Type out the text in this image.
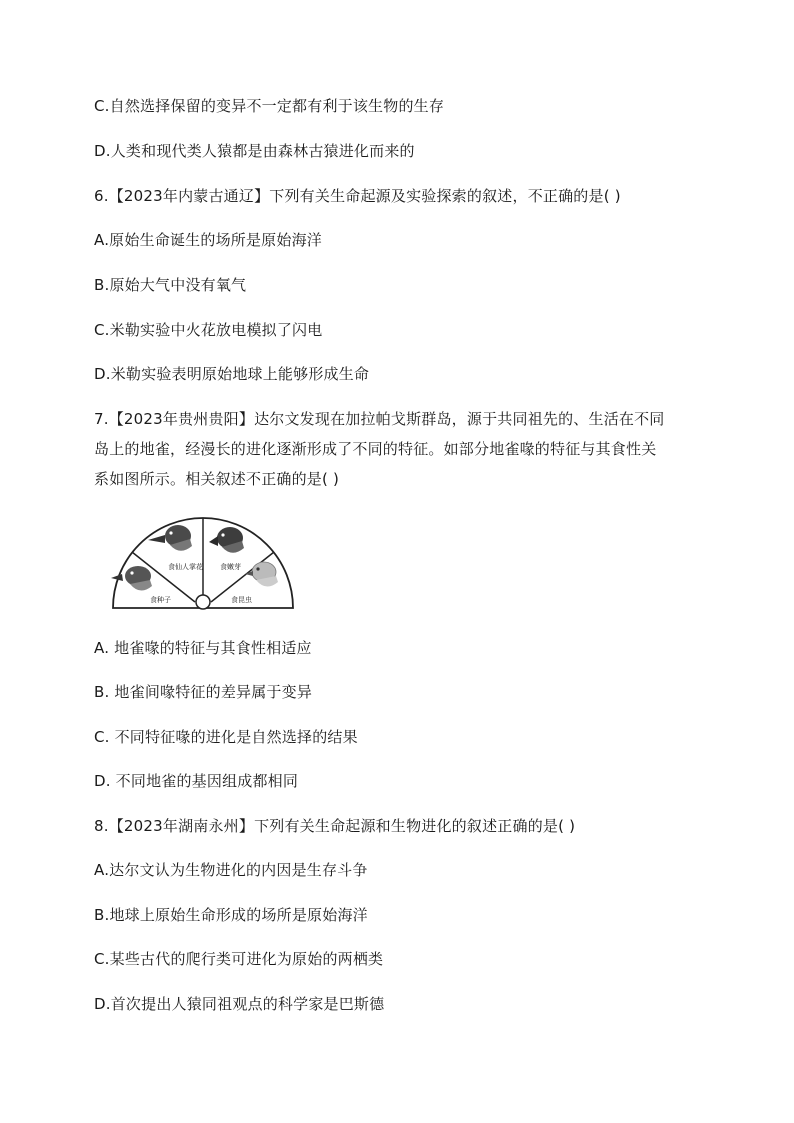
C.自然选择保留的变异不一定都有利于该生物的生存
D.人类和现代类人猿都是由森林古猿进化而来的
6.【2023年内蒙古通辽】下列有关生命起源及实验探索的叙述，不正确的是( )
A.原始生命诞生的场所是原始海洋
B.原始大气中没有氧气
C.米勒实验中火花放电模拟了闪电
D.米勒实验表明原始地球上能够形成生命
7.【2023年贵州贵阳】达尔文发现在加拉帕戈斯群岛，源于共同祖先的、生活在不同
岛上的地雀，经漫长的进化逐渐形成了不同的特征。如部分地雀喙的特征与其食性关
系如图所示。相关叙述不正确的是( )
食种子
食仙人掌花 食嫩芽
食昆虫
A. 地雀喙的特征与其食性相适应
B. 地雀间喙特征的差异属于变异
C. 不同特征喙的进化是自然选择的结果
D. 不同地雀的基因组成都相同
8.【2023年湖南永州】下列有关生命起源和生物进化的叙述正确的是( )
A.达尔文认为生物进化的内因是生存斗争
B.地球上原始生命形成的场所是原始海洋
C.某些古代的爬行类可进化为原始的两栖类
D.首次提出人猿同祖观点的科学家是巴斯德
